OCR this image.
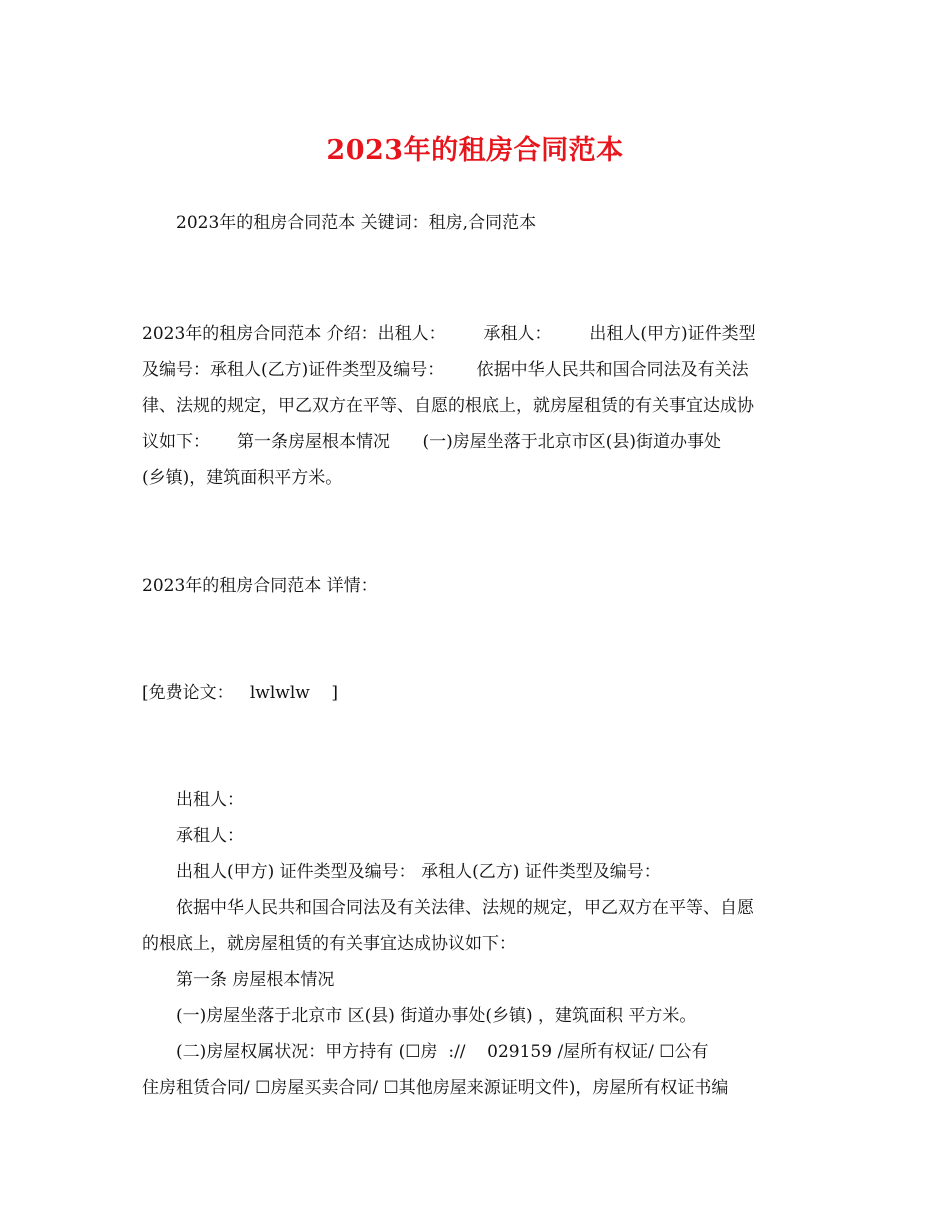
2023年的租房合同范本
2023年的租房合同范本 关键词：租房,合同范本
2023年的租房合同范本 介绍：出租人：       承租人：       出租人(甲方)证件类型
及编号：承租人(乙方)证件类型及编号：      依据中华人民共和国合同法及有关法
律、法规的规定，甲乙双方在平等、自愿的根底上，就房屋租赁的有关事宜达成协
议如下：     第一条房屋根本情况      (一)房屋坐落于北京市区(县)街道办事处
(乡镇)，建筑面积平方米。
2023年的租房合同范本 详情：
[免费论文：   lwlwlw    ]
出租人：
承租人：
出租人(甲方) 证件类型及编号： 承租人(乙方) 证件类型及编号：
依据中华人民共和国合同法及有关法律、法规的规定，甲乙双方在平等、自愿
的根底上，就房屋租赁的有关事宜达成协议如下：
第一条 房屋根本情况
(一)房屋坐落于北京市 区(县) 街道办事处(乡镇) ，建筑面积 平方米。
(二)房屋权属状况：甲方持有 (☐房  ://    029159 /屋所有权证/ ☐公有
住房租赁合同/ ☐房屋买卖合同/ ☐其他房屋来源证明文件)，房屋所有权证书编
